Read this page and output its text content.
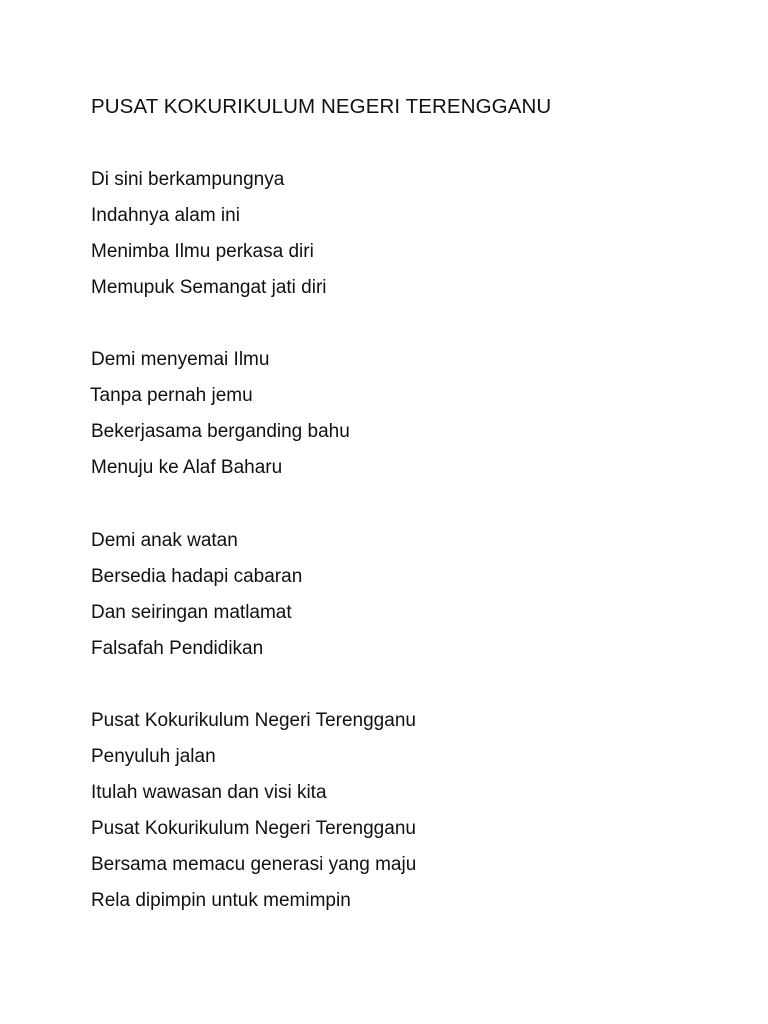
PUSAT KOKURIKULUM NEGERI TERENGGANU
Di sini berkampungnya
Indahnya alam ini
Menimba Ilmu perkasa diri
Memupuk Semangat jati diri
Demi menyemai Ilmu
Tanpa pernah jemu
Bekerjasama berganding bahu
Menuju ke Alaf Baharu
Demi anak watan
Bersedia hadapi cabaran
Dan seiringan matlamat
Falsafah Pendidikan
Pusat Kokurikulum Negeri Terengganu
Penyuluh jalan
Itulah wawasan dan visi kita
Pusat Kokurikulum Negeri Terengganu
Bersama memacu generasi yang maju
Rela dipimpin untuk memimpin
